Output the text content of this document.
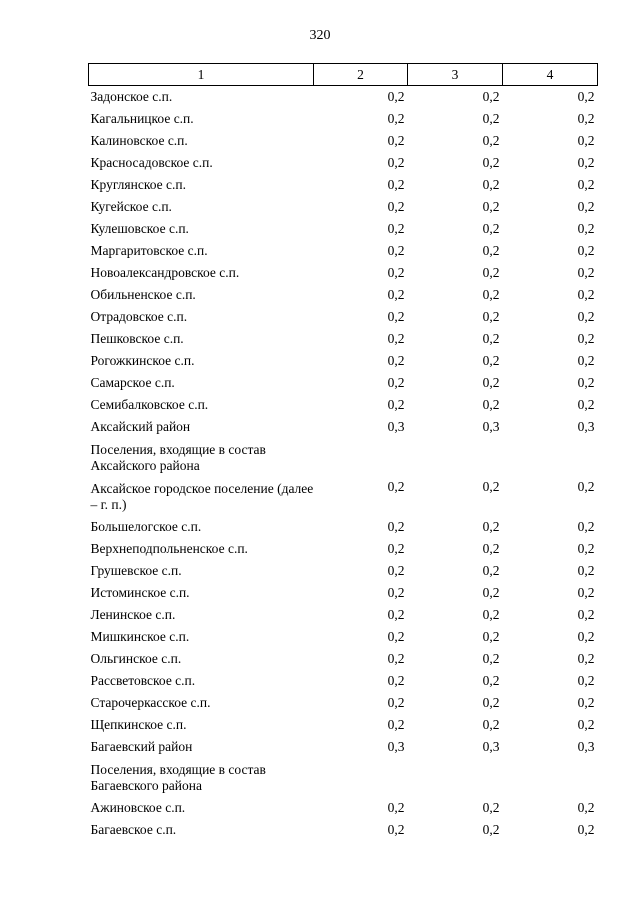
320
1	2	3	4
Задонское с.п.	0,2	0,2	0,2
Кагальницкое с.п.	0,2	0,2	0,2
Калиновское с.п.	0,2	0,2	0,2
Красносадовское с.п.	0,2	0,2	0,2
Круглянское с.п.	0,2	0,2	0,2
Кугейское с.п.	0,2	0,2	0,2
Кулешовское с.п.	0,2	0,2	0,2
Маргаритовское с.п.	0,2	0,2	0,2
Новоалександровское с.п.	0,2	0,2	0,2
Обильненское с.п.	0,2	0,2	0,2
Отрадовское с.п.	0,2	0,2	0,2
Пешковское с.п.	0,2	0,2	0,2
Рогожкинское с.п.	0,2	0,2	0,2
Самарское с.п.	0,2	0,2	0,2
Семибалковское с.п.	0,2	0,2	0,2
Аксайский район	0,3	0,3	0,3
Поселения, входящие в состав Аксайского района			
Аксайское городское поселение (далее – г. п.)	0,2	0,2	0,2
Большелогское с.п.	0,2	0,2	0,2
Верхнеподпольненское с.п.	0,2	0,2	0,2
Грушевское с.п.	0,2	0,2	0,2
Истоминское с.п.	0,2	0,2	0,2
Ленинское с.п.	0,2	0,2	0,2
Мишкинское с.п.	0,2	0,2	0,2
Ольгинское с.п.	0,2	0,2	0,2
Рассветовское с.п.	0,2	0,2	0,2
Старочеркасское с.п.	0,2	0,2	0,2
Щепкинское с.п.	0,2	0,2	0,2
Багаевский район	0,3	0,3	0,3
Поселения, входящие в состав Багаевского района			
Ажиновское с.п.	0,2	0,2	0,2
Багаевское с.п.	0,2	0,2	0,2
